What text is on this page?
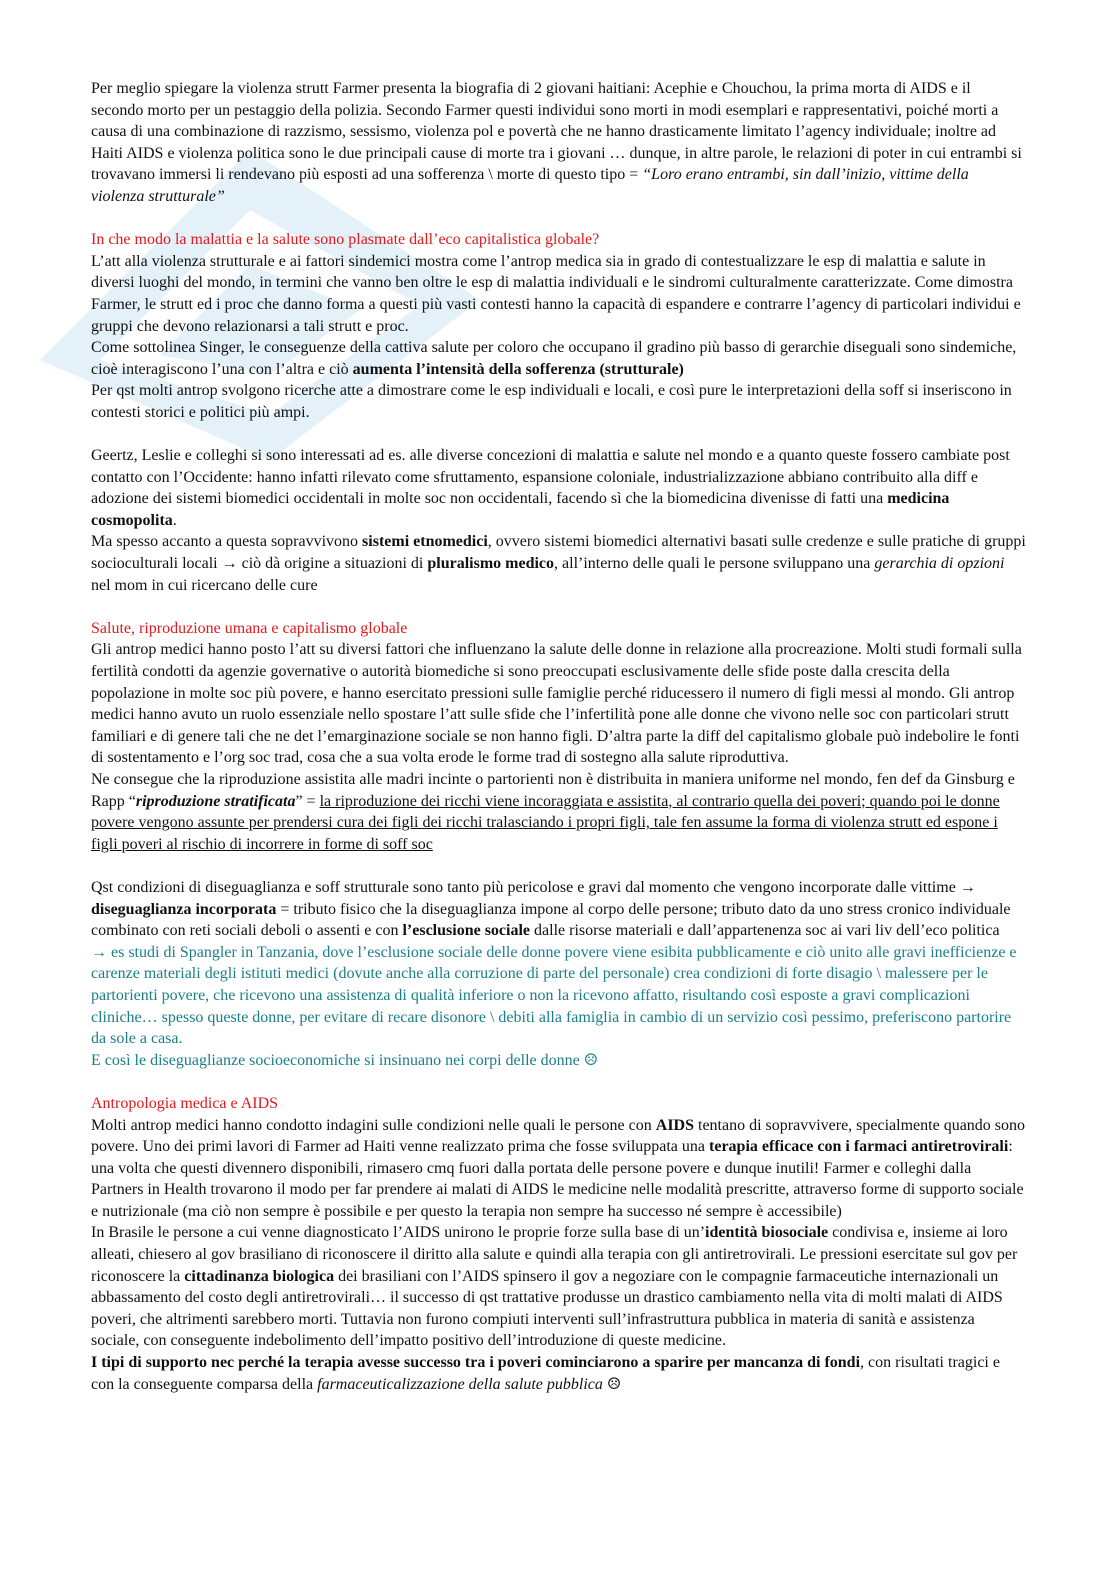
Per meglio spiegare la violenza strutt Farmer presenta la biografia di 2 giovani haitiani: Acephie e Chouchou, la prima morta di AIDS e il secondo morto per un pestaggio della polizia. Secondo Farmer questi individui sono morti in modi esemplari e rappresentativi, poiché morti a causa di una combinazione di razzismo, sessismo, violenza pol e povertà che ne hanno drasticamente limitato l’agency individuale; inoltre ad Haiti AIDS e violenza politica sono le due principali cause di morte tra i giovani … dunque, in altre parole, le relazioni di poter in cui entrambi si trovavano immersi li rendevano più esposti ad una sofferenza \ morte di questo tipo = “Loro erano entrambi, sin dall’inizio, vittime della violenza strutturale”

In che modo la malattia e la salute sono plasmate dall’eco capitalistica globale?

L’att alla violenza strutturale e ai fattori sindemici mostra come l’antrop medica sia in grado di contestualizzare le esp di malattia e salute in diversi luoghi del mondo, in termini che vanno ben oltre le esp di malattia individuali e le sindromi culturalmente caratterizzate. Come dimostra Farmer, le strutt ed i proc che danno forma a questi più vasti contesti hanno la capacità di espandere e contrarre l’agency di particolari individui e gruppi che devono relazionarsi a tali strutt e proc.

Come sottolinea Singer, le conseguenze della cattiva salute per coloro che occupano il gradino più basso di gerarchie diseguali sono sindemiche, cioè interagiscono l’una con l’altra e ciò aumenta l’intensità della sofferenza (strutturale)

Per qst molti antrop svolgono ricerche atte a dimostrare come le esp individuali e locali, e così pure le interpretazioni della soff si inseriscono in contesti storici e politici più ampi.

Geertz, Leslie e colleghi si sono interessati ad es. alle diverse concezioni di malattia e salute nel mondo e a quanto queste fossero cambiate post contatto con l’Occidente: hanno infatti rilevato come sfruttamento, espansione coloniale, industrializzazione abbiano contribuito alla diff e adozione dei sistemi biomedici occidentali in molte soc non occidentali, facendo sì che la biomedicina divenisse di fatti una medicina cosmopolita.

Ma spesso accanto a questa sopravvivono sistemi etnomedici, ovvero sistemi biomedici alternativi basati sulle credenze e sulle pratiche di gruppi socioculturali locali → ciò dà origine a situazioni di pluralismo medico, all’interno delle quali le persone sviluppano una gerarchia di opzioni nel mom in cui ricercano delle cure

Salute, riproduzione umana e capitalismo globale

Gli antrop medici hanno posto l’att su diversi fattori che influenzano la salute delle donne in relazione alla procreazione. Molti studi formali sulla fertilità condotti da agenzie governative o autorità biomediche si sono preoccupati esclusivamente delle sfide poste dalla crescita della popolazione in molte soc più povere, e hanno esercitato pressioni sulle famiglie perché riducessero il numero di figli messi al mondo. Gli antrop medici hanno avuto un ruolo essenziale nello spostare l’att sulle sfide che l’infertilità pone alle donne che vivono nelle soc con particolari strutt familiari e di genere tali che ne det l’emarginazione sociale se non hanno figli. D’altra parte la diff del capitalismo globale può indebolire le fonti di sostentamento e l’org soc trad, cosa che a sua volta erode le forme trad di sostegno alla salute riproduttiva.

Ne consegue che la riproduzione assistita alle madri incinte o partorienti non è distribuita in maniera uniforme nel mondo, fen def da Ginsburg e Rapp “riproduzione stratificata” = la riproduzione dei ricchi viene incoraggiata e assistita, al contrario quella dei poveri; quando poi le donne povere vengono assunte per prendersi cura dei figli dei ricchi tralasciando i propri figli, tale fen assume la forma di violenza strutt ed espone i figli poveri al rischio di incorrere in forme di soff soc

Qst condizioni di diseguaglianza e soff strutturale sono tanto più pericolose e gravi dal momento che vengono incorporate dalle vittime → diseguaglianza incorporata = tributo fisico che la diseguaglianza impone al corpo delle persone; tributo dato da uno stress cronico individuale combinato con reti sociali deboli o assenti e con l’esclusione sociale dalle risorse materiali e dall’appartenenza soc ai vari liv dell’eco politica

→ es studi di Spangler in Tanzania, dove l’esclusione sociale delle donne povere viene esibita pubblicamente e ciò unito alle gravi inefficienze e carenze materiali degli istituti medici (dovute anche alla corruzione di parte del personale) crea condizioni di forte disagio \ malessere per le partorienti povere, che ricevono una assistenza di qualità inferiore o non la ricevono affatto, risultando così esposte a gravi complicazioni cliniche… spesso queste donne, per evitare di recare disonore \ debiti alla famiglia in cambio di un servizio così pessimo, preferiscono partorire da sole a casa.

E così le diseguaglianze socioeconomiche si insinuano nei corpi delle donne ☹

Antropologia medica e AIDS

Molti antrop medici hanno condotto indagini sulle condizioni nelle quali le persone con AIDS tentano di sopravvivere, specialmente quando sono povere. Uno dei primi lavori di Farmer ad Haiti venne realizzato prima che fosse sviluppata una terapia efficace con i farmaci antiretrovirali: una volta che questi divennero disponibili, rimasero cmq fuori dalla portata delle persone povere e dunque inutili! Farmer e colleghi dalla Partners in Health trovarono il modo per far prendere ai malati di AIDS le medicine nelle modalità prescritte, attraverso forme di supporto sociale e nutrizionale (ma ciò non sempre è possibile e per questo la terapia non sempre ha successo né sempre è accessibile)

In Brasile le persone a cui venne diagnosticato l’AIDS unirono le proprie forze sulla base di un’identità biosociale condivisa e, insieme ai loro alleati, chiesero al gov brasiliano di riconoscere il diritto alla salute e quindi alla terapia con gli antiretrovirali. Le pressioni esercitate sul gov per riconoscere la cittadinanza biologica dei brasiliani con l’AIDS spinsero il gov a negoziare con le compagnie farmaceutiche internazionali un abbassamento del costo degli antiretrovirali… il successo di qst trattative produsse un drastico cambiamento nella vita di molti malati di AIDS poveri, che altrimenti sarebbero morti. Tuttavia non furono compiuti interventi sull’infrastruttura pubblica in materia di sanità e assistenza sociale, con conseguente indebolimento dell’impatto positivo dell’introduzione di queste medicine.

I tipi di supporto nec perché la terapia avesse successo tra i poveri cominciarono a sparire per mancanza di fondi, con risultati tragici e con la conseguente comparsa della farmaceuticalizzazione della salute pubblica ☹
